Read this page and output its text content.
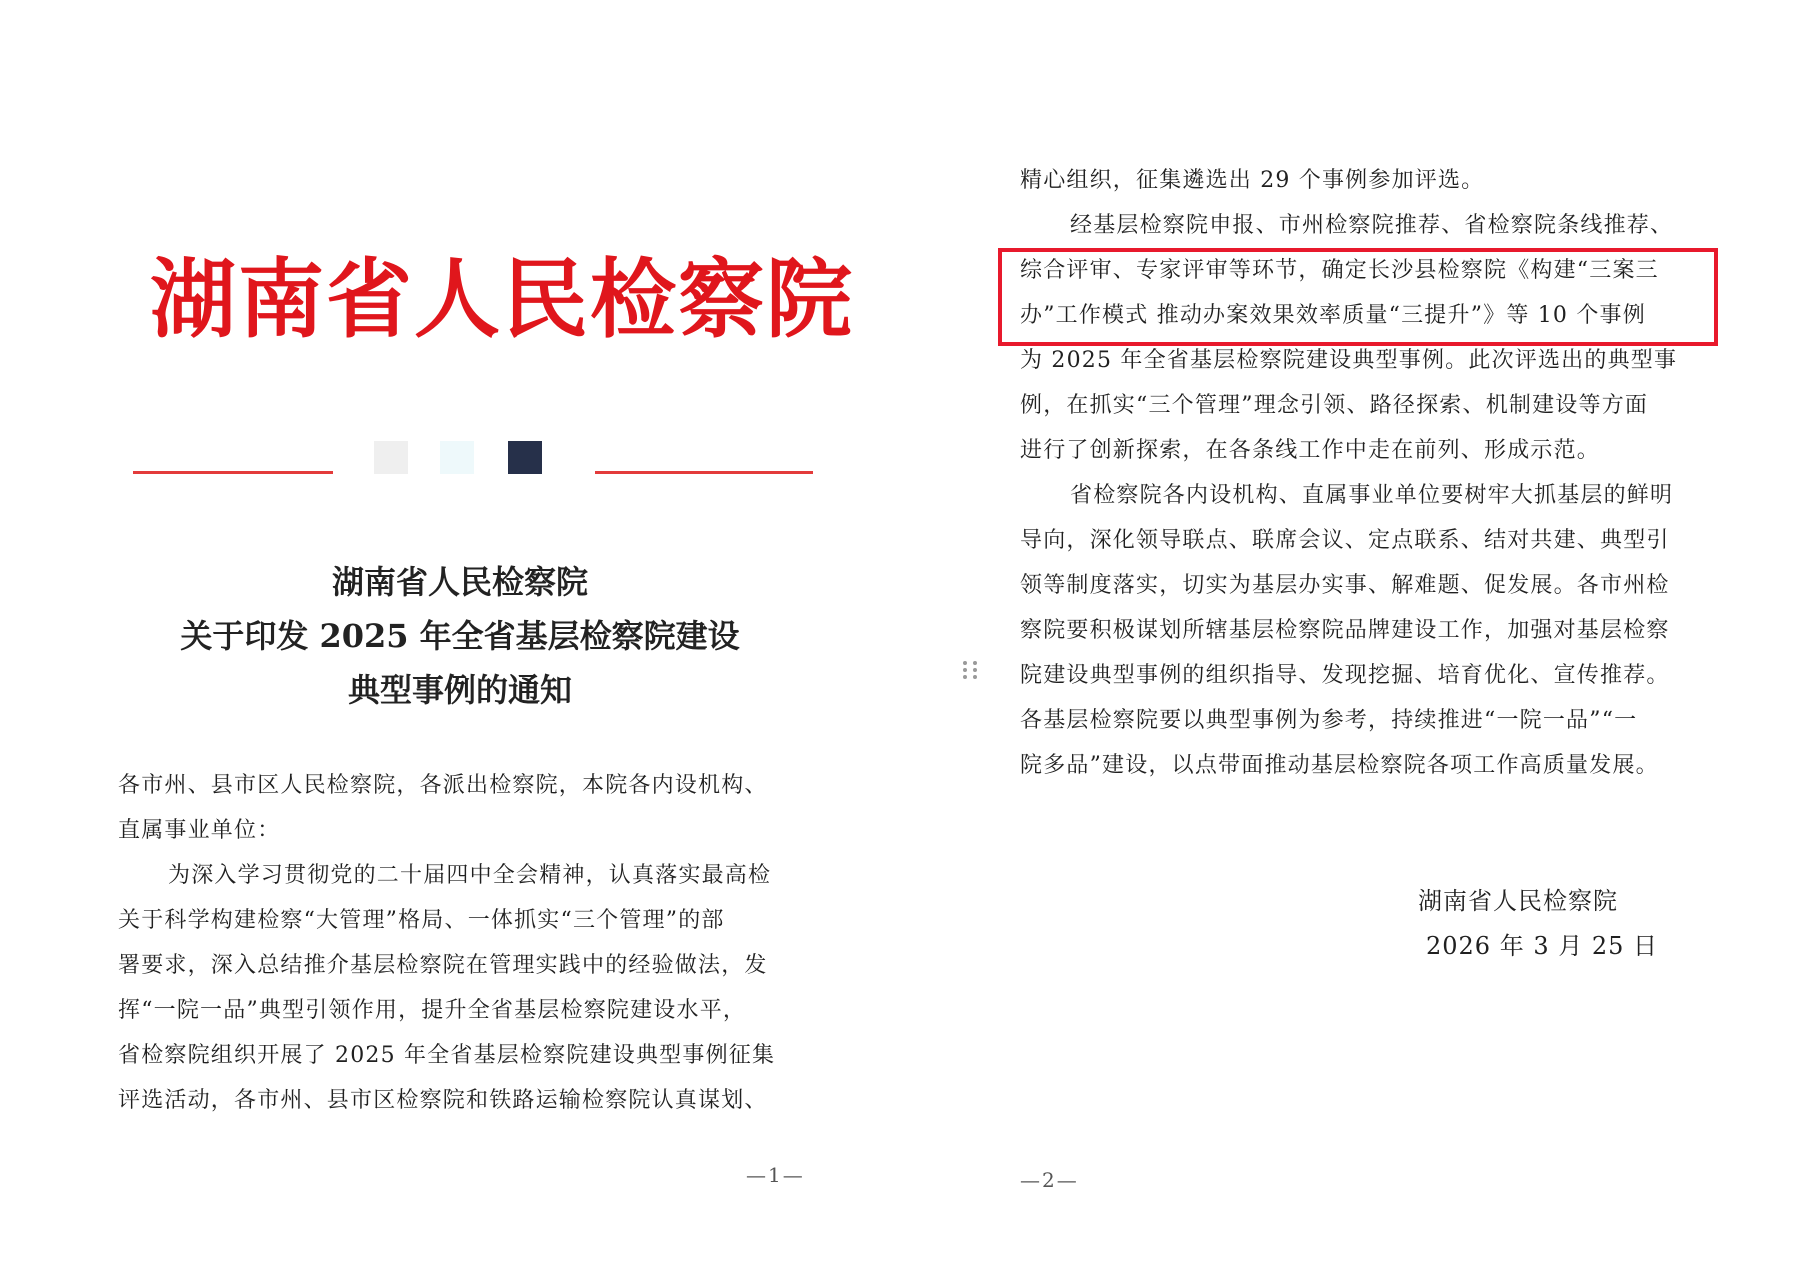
湖南省人民检察院
湖南省人民检察院
关于印发 2025 年全省基层检察院建设
典型事例的通知
各市州、县市区人民检察院，各派出检察院，本院各内设机构、
直属事业单位：
为深入学习贯彻党的二十届四中全会精神，认真落实最高检
关于科学构建检察“大管理”格局、一体抓实“三个管理”的部
署要求，深入总结推介基层检察院在管理实践中的经验做法，发
挥“一院一品”典型引领作用，提升全省基层检察院建设水平，
省检察院组织开展了 2025 年全省基层检察院建设典型事例征集
评选活动，各市州、县市区检察院和铁路运输检察院认真谋划、
—1—
精心组织，征集遴选出 29 个事例参加评选。
经基层检察院申报、市州检察院推荐、省检察院条线推荐、
综合评审、专家评审等环节，确定长沙县检察院《构建“三案三
办”工作模式 推动办案效果效率质量“三提升”》等 10 个事例
为 2025 年全省基层检察院建设典型事例。此次评选出的典型事
例，在抓实“三个管理”理念引领、路径探索、机制建设等方面
进行了创新探索，在各条线工作中走在前列、形成示范。
省检察院各内设机构、直属事业单位要树牢大抓基层的鲜明
导向，深化领导联点、联席会议、定点联系、结对共建、典型引
领等制度落实，切实为基层办实事、解难题、促发展。各市州检
察院要积极谋划所辖基层检察院品牌建设工作，加强对基层检察
院建设典型事例的组织指导、发现挖掘、培育优化、宣传推荐。
各基层检察院要以典型事例为参考，持续推进“一院一品”“一
院多品”建设，以点带面推动基层检察院各项工作高质量发展。
湖南省人民检察院
2026 年 3 月 25 日
—2—
